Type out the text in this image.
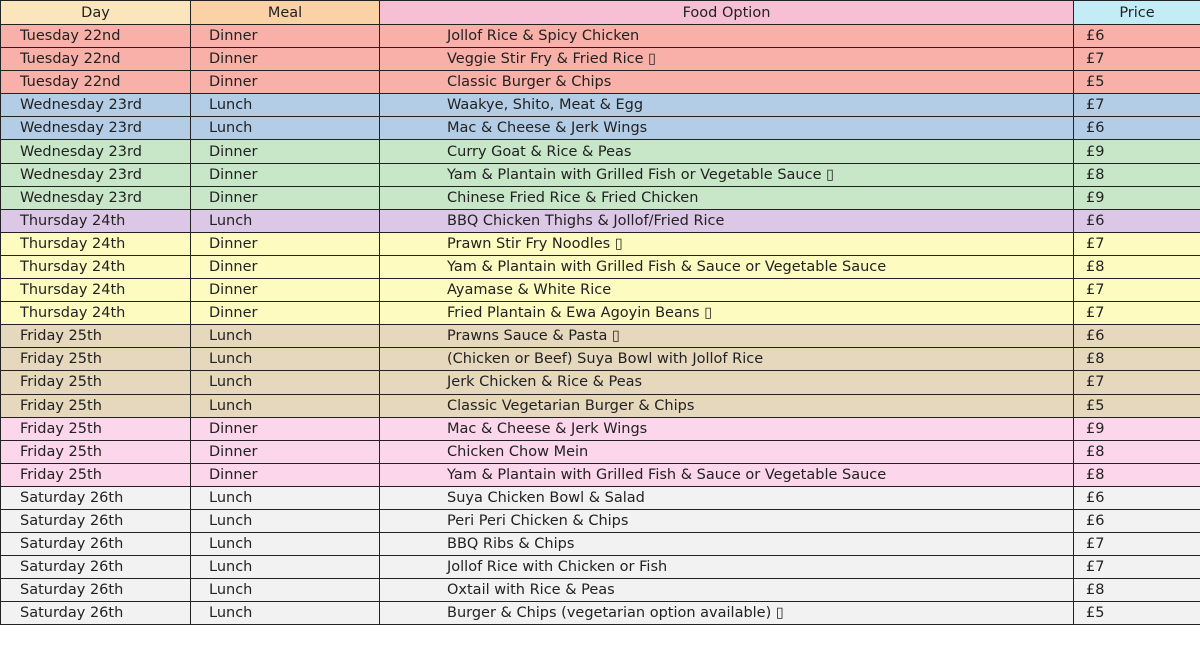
Day	Meal	Food Option	Price
Tuesday 22nd	Dinner	Jollof Rice & Spicy Chicken	£6
Tuesday 22nd	Dinner	Veggie Stir Fry & Fried Rice ▯	£7
Tuesday 22nd	Dinner	Classic Burger & Chips	£5
Wednesday 23rd	Lunch	Waakye, Shito, Meat & Egg	£7
Wednesday 23rd	Lunch	Mac & Cheese & Jerk Wings	£6
Wednesday 23rd	Dinner	Curry Goat & Rice & Peas	£9
Wednesday 23rd	Dinner	Yam & Plantain with Grilled Fish or Vegetable Sauce ▯	£8
Wednesday 23rd	Dinner	Chinese Fried Rice & Fried Chicken	£9
Thursday 24th	Lunch	BBQ Chicken Thighs & Jollof/Fried Rice	£6
Thursday 24th	Dinner	Prawn Stir Fry Noodles ▯	£7
Thursday 24th	Dinner	Yam & Plantain with Grilled Fish & Sauce or Vegetable Sauce	£8
Thursday 24th	Dinner	Ayamase & White Rice	£7
Thursday 24th	Dinner	Fried Plantain & Ewa Agoyin Beans ▯	£7
Friday 25th	Lunch	Prawns Sauce & Pasta ▯	£6
Friday 25th	Lunch	(Chicken or Beef) Suya Bowl with Jollof Rice	£8
Friday 25th	Lunch	Jerk Chicken & Rice & Peas	£7
Friday 25th	Lunch	Classic Vegetarian Burger & Chips	£5
Friday 25th	Dinner	Mac & Cheese & Jerk Wings	£9
Friday 25th	Dinner	Chicken Chow Mein	£8
Friday 25th	Dinner	Yam & Plantain with Grilled Fish & Sauce or Vegetable Sauce	£8
Saturday 26th	Lunch	Suya Chicken Bowl & Salad	£6
Saturday 26th	Lunch	Peri Peri Chicken & Chips	£6
Saturday 26th	Lunch	BBQ Ribs & Chips	£7
Saturday 26th	Lunch	Jollof Rice with Chicken or Fish	£7
Saturday 26th	Lunch	Oxtail with Rice & Peas	£8
Saturday 26th	Lunch	Burger & Chips (vegetarian option available) ▯	£5
